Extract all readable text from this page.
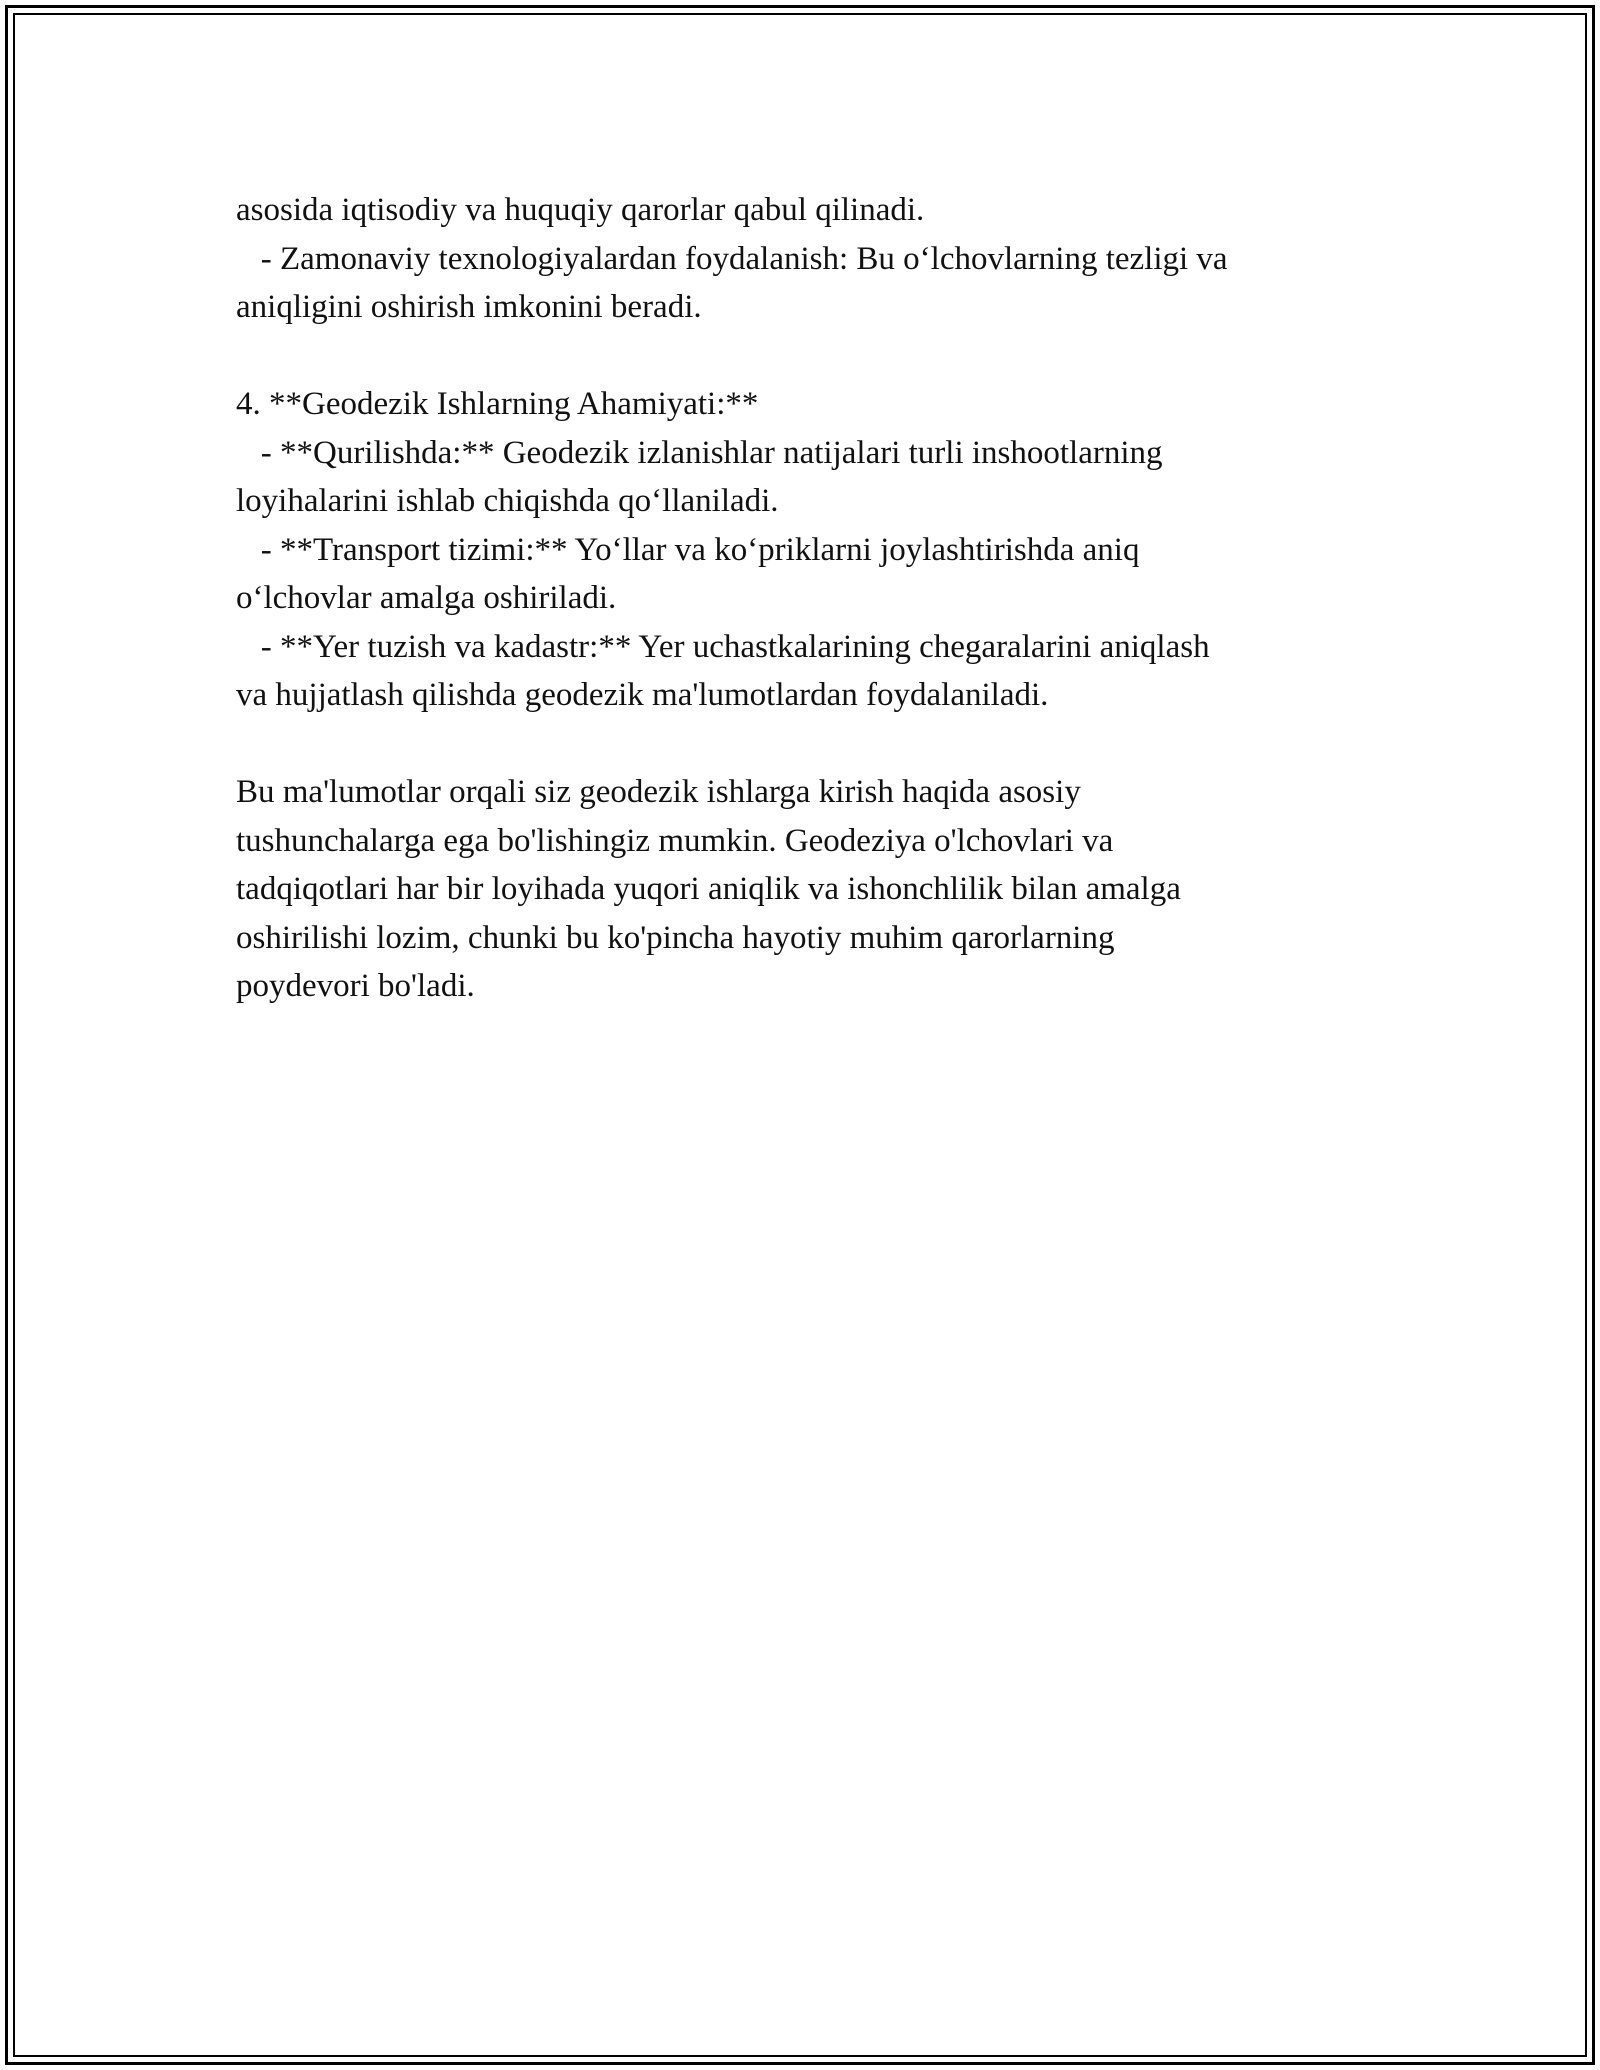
asosida iqtisodiy va huquqiy qarorlar qabul qilinadi.
- Zamonaviy texnologiyalardan foydalanish: Bu o‘lchovlarning tezligi va
aniqligini oshirish imkonini beradi.
4. **Geodezik Ishlarning Ahamiyati:**
- **Qurilishda:** Geodezik izlanishlar natijalari turli inshootlarning
loyihalarini ishlab chiqishda qo‘llaniladi.
- **Transport tizimi:** Yo‘llar va ko‘priklarni joylashtirishda aniq
o‘lchovlar amalga oshiriladi.
- **Yer tuzish va kadastr:** Yer uchastkalarining chegaralarini aniqlash
va hujjatlash qilishda geodezik ma'lumotlardan foydalaniladi.
Bu ma'lumotlar orqali siz geodezik ishlarga kirish haqida asosiy
tushunchalarga ega bo'lishingiz mumkin. Geodeziya o'lchovlari va
tadqiqotlari har bir loyihada yuqori aniqlik va ishonchlilik bilan amalga
oshirilishi lozim, chunki bu ko'pincha hayotiy muhim qarorlarning
poydevori bo'ladi.
